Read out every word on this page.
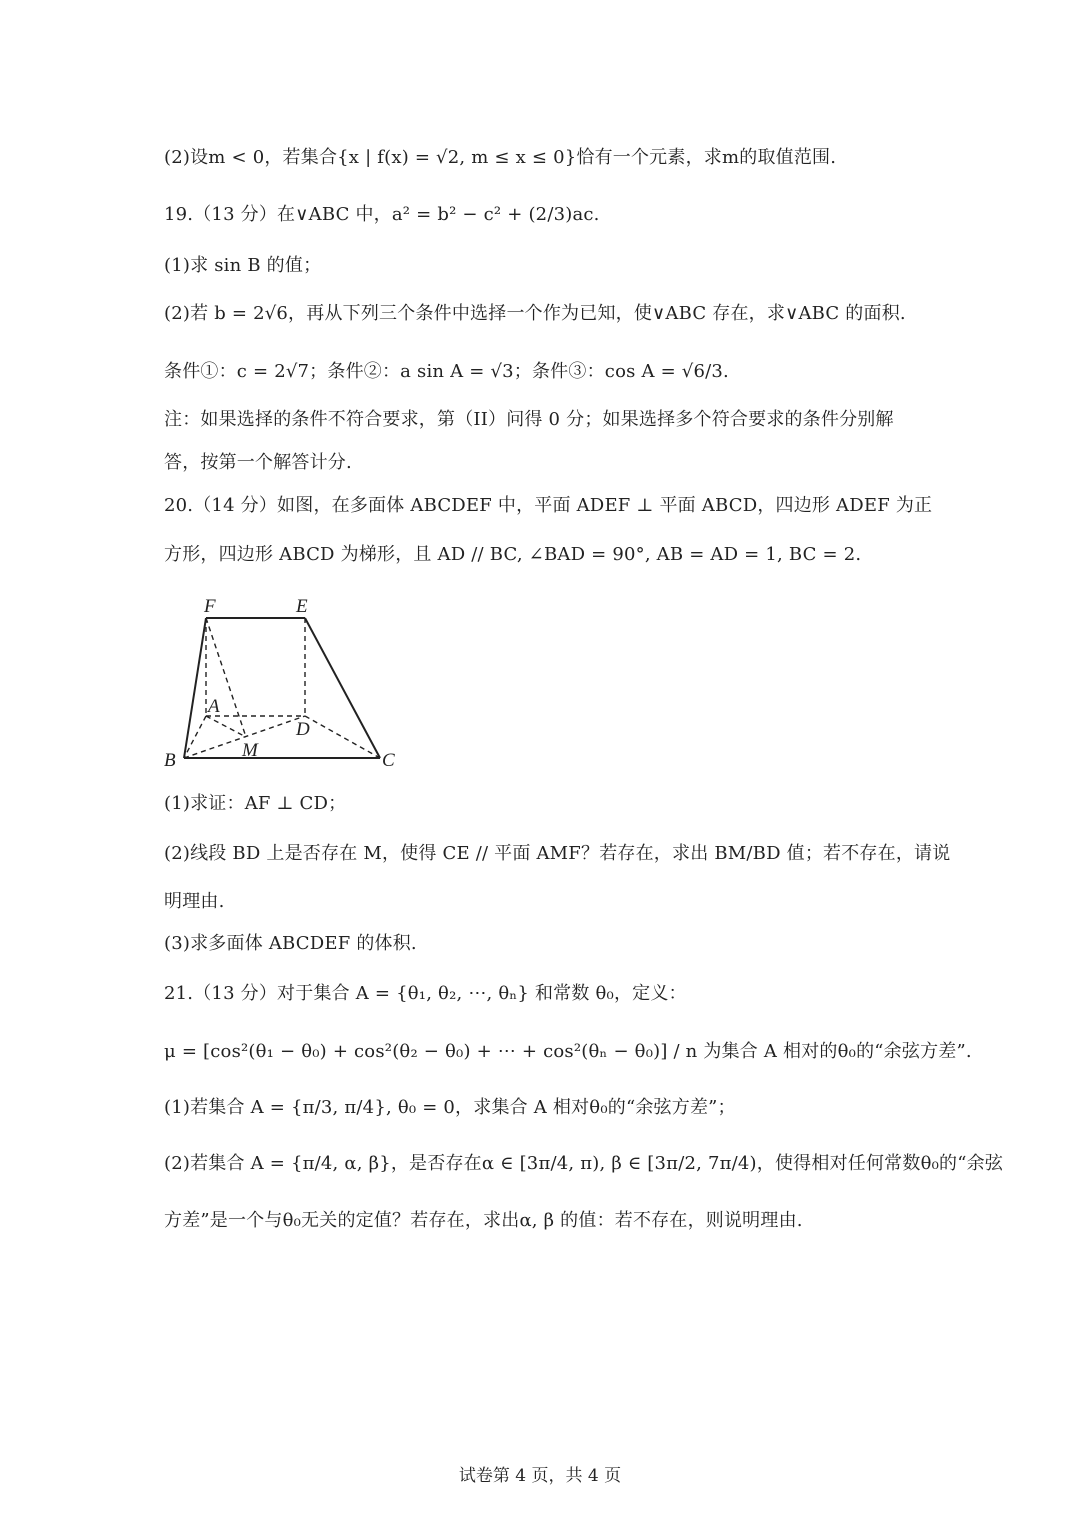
(2)设m < 0，若集合{x | f(x) = √2, m ≤ x ≤ 0}恰有一个元素，求m的取值范围.
19.（13 分）在∨ABC 中，a² = b² − c² + (2/3)ac.
(1)求 sin B 的值；
(2)若 b = 2√6，再从下列三个条件中选择一个作为已知，使∨ABC 存在，求∨ABC 的面积.
条件①：c = 2√7；条件②：a sin A = √3；条件③：cos A = √6/3.
注：如果选择的条件不符合要求，第（II）问得 0 分；如果选择多个符合要求的条件分别解
答，按第一个解答计分.
20.（14 分）如图，在多面体 ABCDEF 中，平面 ADEF ⊥ 平面 ABCD，四边形 ADEF 为正
方形，四边形 ABCD 为梯形，且 AD // BC, ∠BAD = 90°, AB = AD = 1, BC = 2.
F	E
A
D
M
B	C
(1)求证：AF ⊥ CD；
(2)线段 BD 上是否存在 M，使得 CE // 平面 AMF？若存在，求出 BM/BD 值；若不存在，请说
明理由.
(3)求多面体 ABCDEF 的体积.
21.（13 分）对于集合 A = {θ₁, θ₂, ⋯, θₙ} 和常数 θ₀，定义：
μ = [cos²(θ₁ − θ₀) + cos²(θ₂ − θ₀) + ⋯ + cos²(θₙ − θ₀)] / n 为集合 A 相对的θ₀的“余弦方差”.
(1)若集合 A = {π/3, π/4}, θ₀ = 0，求集合 A 相对θ₀的“余弦方差”；
(2)若集合 A = {π/4, α, β}，是否存在α ∈ [3π/4, π), β ∈ [3π/2, 7π/4)，使得相对任何常数θ₀的“余弦
方差”是一个与θ₀无关的定值？若存在，求出α, β 的值：若不存在，则说明理由.
试卷第 4 页，共 4 页
